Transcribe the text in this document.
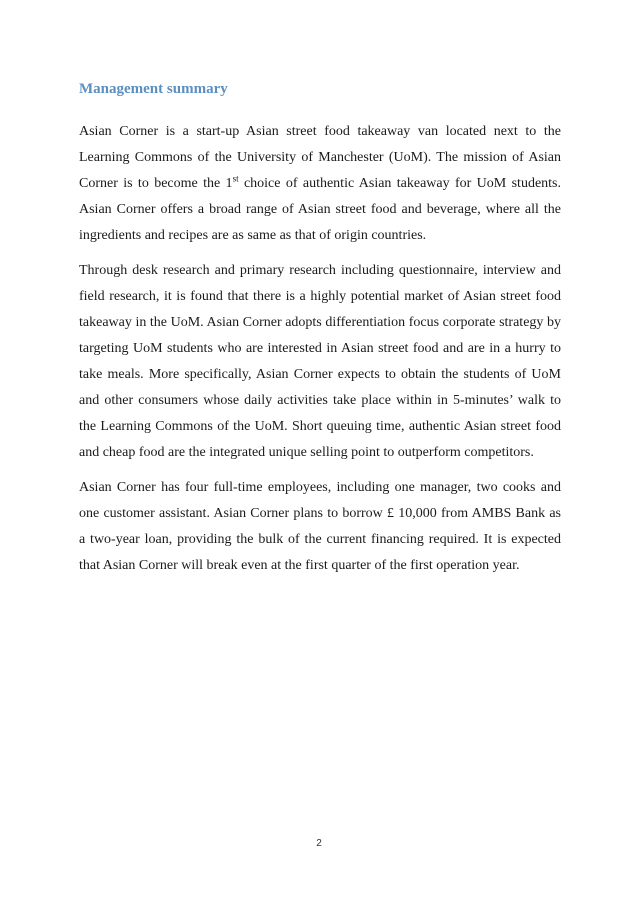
Management summary

Asian Corner is a start-up Asian street food takeaway van located next to the Learning Commons of the University of Manchester (UoM). The mission of Asian Corner is to become the 1st choice of authentic Asian takeaway for UoM students. Asian Corner offers a broad range of Asian street food and beverage, where all the ingredients and recipes are as same as that of origin countries.

Through desk research and primary research including questionnaire, interview and field research, it is found that there is a highly potential market of Asian street food takeaway in the UoM. Asian Corner adopts differentiation focus corporate strategy by targeting UoM students who are interested in Asian street food and are in a hurry to take meals. More specifically, Asian Corner expects to obtain the students of UoM and other consumers whose daily activities take place within in 5-minutes’ walk to the Learning Commons of the UoM. Short queuing time, authentic Asian street food and cheap food are the integrated unique selling point to outperform competitors.

Asian Corner has four full-time employees, including one manager, two cooks and one customer assistant. Asian Corner plans to borrow £ 10,000 from AMBS Bank as a two-year loan, providing the bulk of the current financing required. It is expected that Asian Corner will break even at the first quarter of the first operation year.

2
